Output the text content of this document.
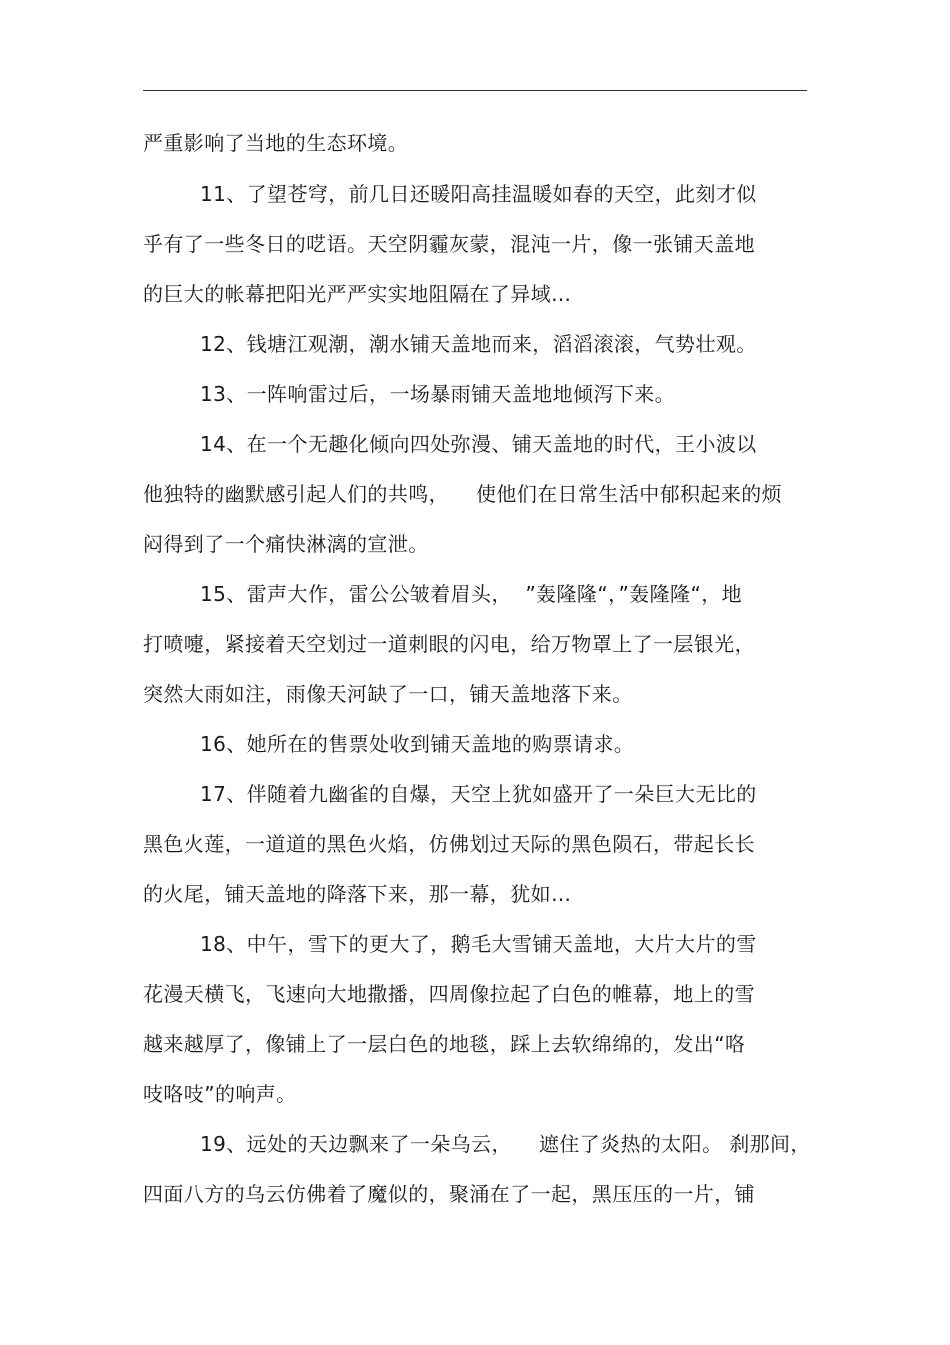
严重影响了当地的生态环境。
11、了望苍穹，前几日还暖阳高挂温暖如春的天空，此刻才似
乎有了一些冬日的呓语。天空阴霾灰蒙，混沌一片，像一张铺天盖地
的巨大的帐幕把阳光严严实实地阻隔在了异域…
12、钱塘江观潮，潮水铺天盖地而来，滔滔滚滚，气势壮观。
13、一阵响雷过后，一场暴雨铺天盖地地倾泻下来。
14、在一个无趣化倾向四处弥漫、铺天盖地的时代，王小波以
他独特的幽默感引起人们的共鸣，    使他们在日常生活中郁积起来的烦
闷得到了一个痛快淋漓的宣泄。
15、雷声大作，雷公公皱着眉头，  ”轰隆隆“，”轰隆隆“，地
打喷嚏，紧接着天空划过一道刺眼的闪电，给万物罩上了一层银光，
突然大雨如注，雨像天河缺了一口，铺天盖地落下来。
16、她所在的售票处收到铺天盖地的购票请求。
17、伴随着九幽雀的自爆，天空上犹如盛开了一朵巨大无比的
黑色火莲，一道道的黑色火焰，仿佛划过天际的黑色陨石，带起长长
的火尾，铺天盖地的降落下来，那一幕，犹如…
18、中午，雪下的更大了，鹅毛大雪铺天盖地，大片大片的雪
花漫天横飞，飞速向大地撒播，四周像拉起了白色的帷幕，地上的雪
越来越厚了，像铺上了一层白色的地毯，踩上去软绵绵的，发出“咯
吱咯吱”的响声。
19、远处的天边飘来了一朵乌云，    遮住了炎热的太阳。 刹那间，
四面八方的乌云仿佛着了魔似的，聚涌在了一起，黑压压的一片，铺
